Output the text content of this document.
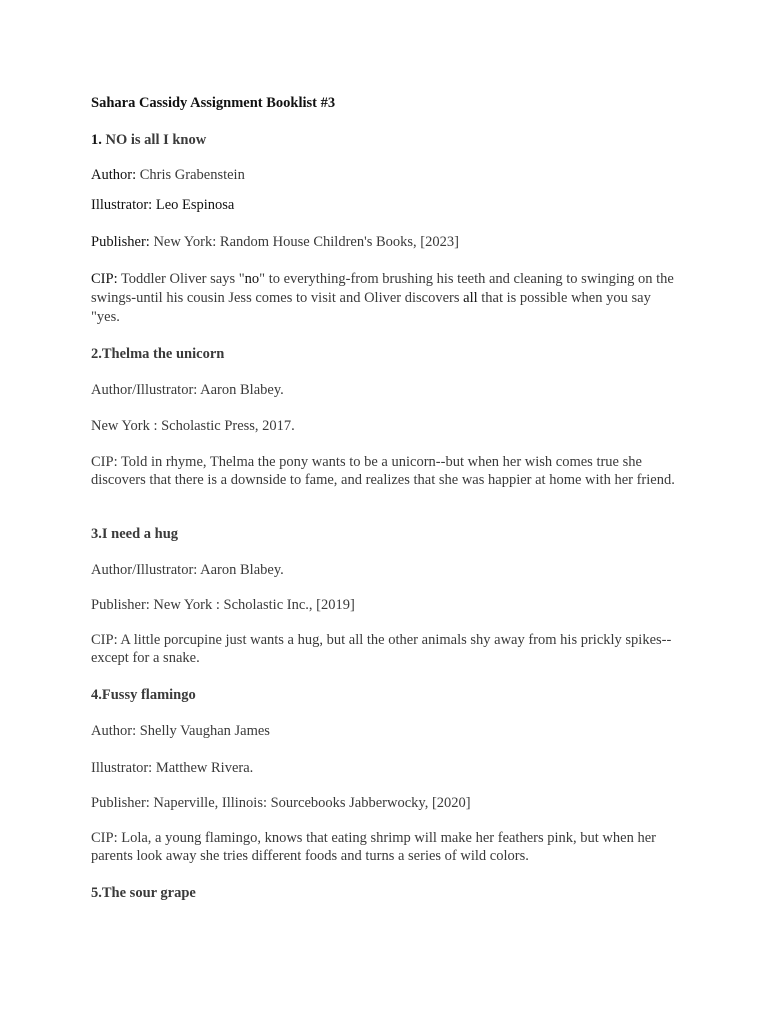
Sahara Cassidy Assignment Booklist #3
1. NO is all I know
Author: Chris Grabenstein
Illustrator: Leo Espinosa
Publisher: New York: Random House Children's Books, [2023]
CIP: Toddler Oliver says "no" to everything-from brushing his teeth and cleaning to swinging on the swings-until his cousin Jess comes to visit and Oliver discovers all that is possible when you say "yes.
2.Thelma the unicorn
Author/Illustrator: Aaron Blabey.
New York : Scholastic Press, 2017.
CIP: Told in rhyme, Thelma the pony wants to be a unicorn--but when her wish comes true she discovers that there is a downside to fame, and realizes that she was happier at home with her friend.
3.I need a hug
Author/Illustrator: Aaron Blabey.
Publisher: New York : Scholastic Inc., [2019]
CIP: A little porcupine just wants a hug, but all the other animals shy away from his prickly spikes--except for a snake.
4.Fussy flamingo
Author: Shelly Vaughan James
Illustrator: Matthew Rivera.
Publisher: Naperville, Illinois: Sourcebooks Jabberwocky, [2020]
CIP: Lola, a young flamingo, knows that eating shrimp will make her feathers pink, but when her parents look away she tries different foods and turns a series of wild colors.
5.The sour grape
